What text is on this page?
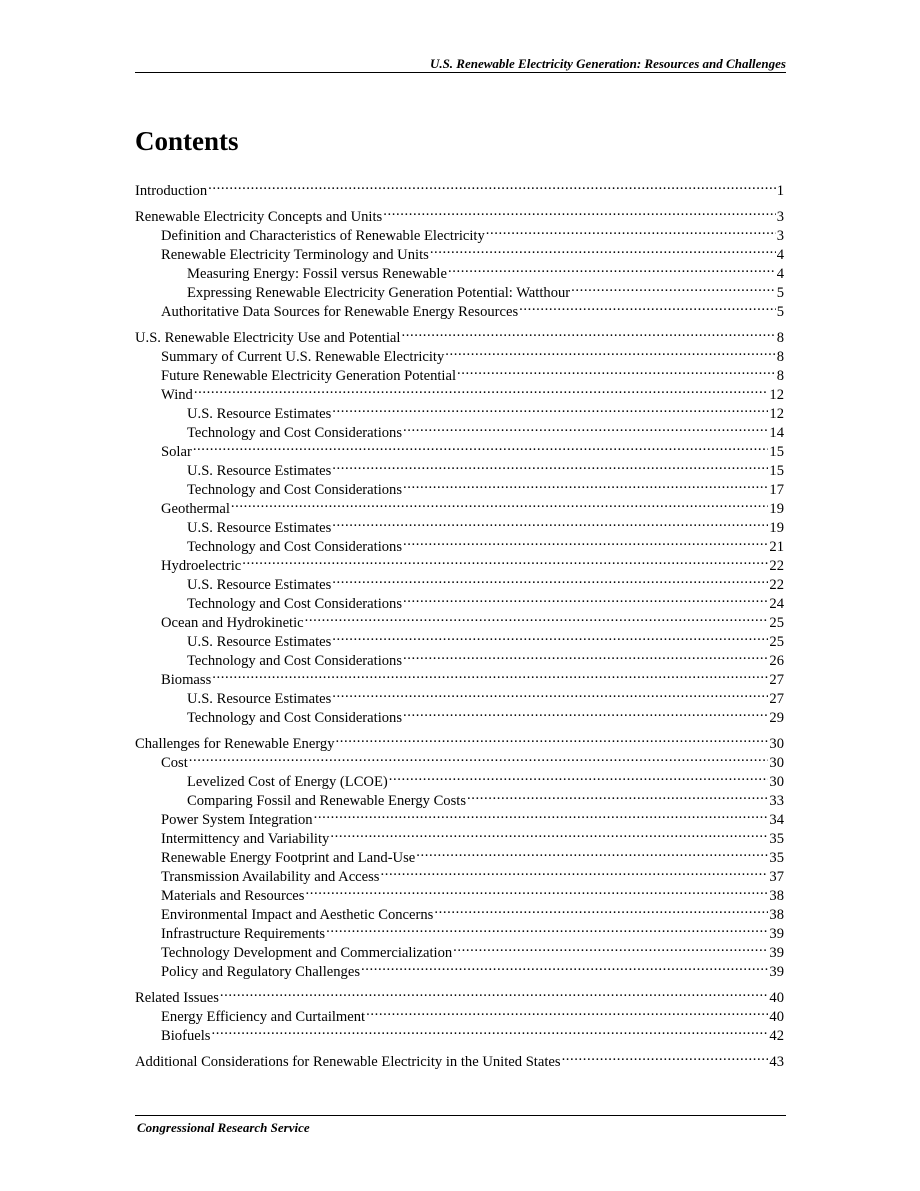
U.S. Renewable Electricity Generation: Resources and Challenges
Contents
Introduction .....	1
Renewable Electricity Concepts and Units .....	3
Definition and Characteristics of Renewable Electricity .....	3
Renewable Electricity Terminology and Units .....	4
Measuring Energy: Fossil versus Renewable .....	4
Expressing Renewable Electricity Generation Potential: Watthour .....	5
Authoritative Data Sources for Renewable Energy Resources .....	5
U.S. Renewable Electricity Use and Potential .....	8
Summary of Current U.S. Renewable Electricity .....	8
Future Renewable Electricity Generation Potential .....	8
Wind .....	12
U.S. Resource Estimates .....	12
Technology and Cost Considerations .....	14
Solar .....	15
U.S. Resource Estimates .....	15
Technology and Cost Considerations .....	17
Geothermal .....	19
U.S. Resource Estimates .....	19
Technology and Cost Considerations .....	21
Hydroelectric .....	22
U.S. Resource Estimates .....	22
Technology and Cost Considerations .....	24
Ocean and Hydrokinetic .....	25
U.S. Resource Estimates .....	25
Technology and Cost Considerations .....	26
Biomass .....	27
U.S. Resource Estimates .....	27
Technology and Cost Considerations .....	29
Challenges for Renewable Energy .....	30
Cost .....	30
Levelized Cost of Energy (LCOE) .....	30
Comparing Fossil and Renewable Energy Costs .....	33
Power System Integration .....	34
Intermittency and Variability .....	35
Renewable Energy Footprint and Land-Use .....	35
Transmission Availability and Access .....	37
Materials and Resources .....	38
Environmental Impact and Aesthetic Concerns .....	38
Infrastructure Requirements .....	39
Technology Development and Commercialization .....	39
Policy and Regulatory Challenges .....	39
Related Issues .....	40
Energy Efficiency and Curtailment .....	40
Biofuels .....	42
Additional Considerations for Renewable Electricity in the United States .....	43
Congressional Research Service
